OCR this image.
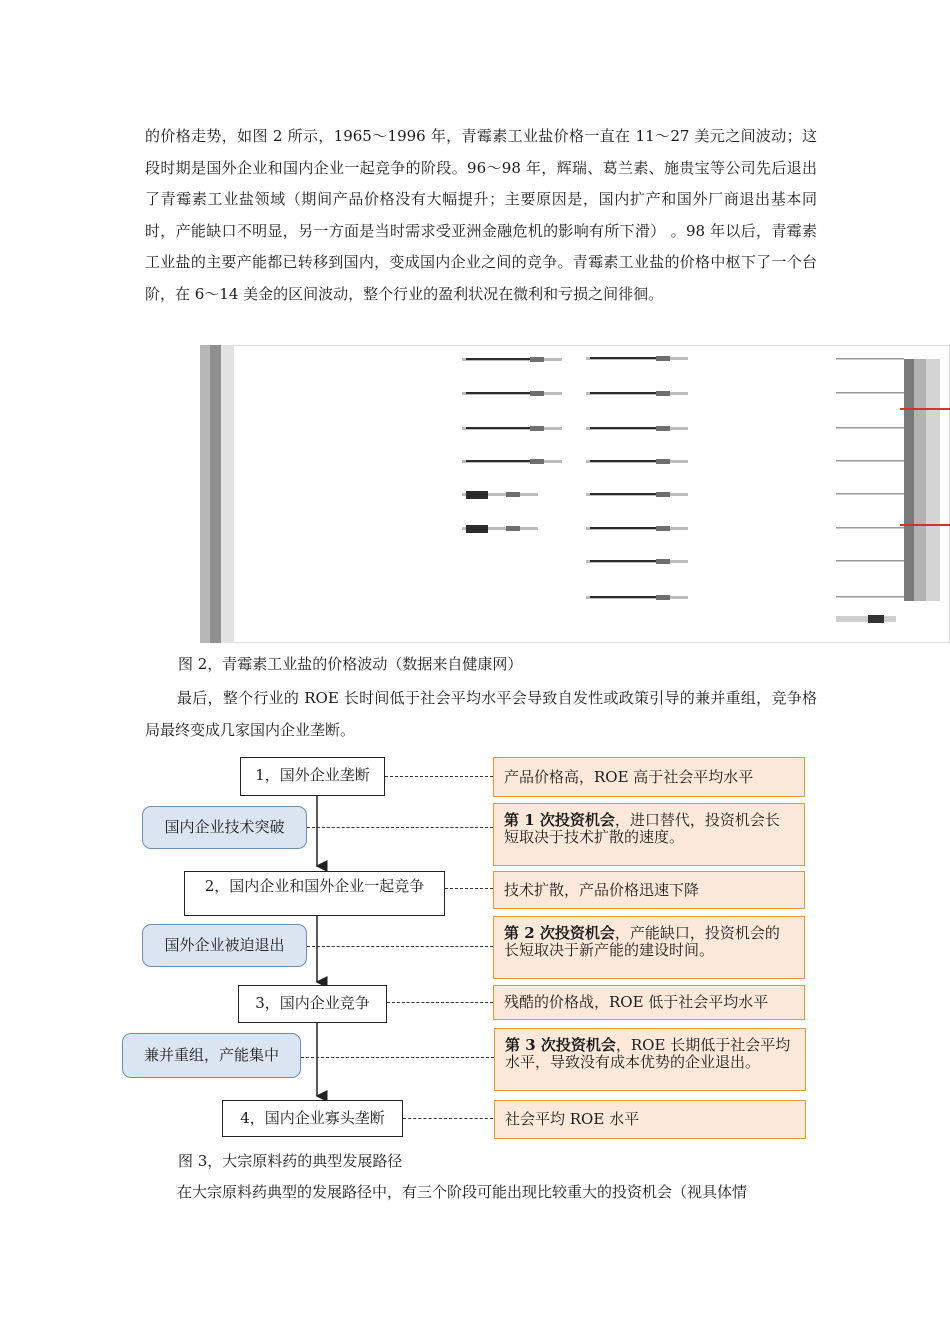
的价格走势，如图 2 所示，1965～1996 年，青霉素工业盐价格一直在 11～27 美元之间波动；这段时期是国外企业和国内企业一起竞争的阶段。96～98 年，辉瑞、葛兰素、施贵宝等公司先后退出了青霉素工业盐领域（期间产品价格没有大幅提升；主要原因是，国内扩产和国外厂商退出基本同时，产能缺口不明显，另一方面是当时需求受亚洲金融危机的影响有所下滑） 。98 年以后，青霉素工业盐的主要产能都已转移到国内，变成国内企业之间的竞争。青霉素工业盐的价格中枢下了一个台阶，在 6～14 美金的区间波动，整个行业的盈利状况在微利和亏损之间徘徊。

图 2，青霉素工业盐的价格波动（数据来自健康网）

最后，整个行业的 ROE 长时间低于社会平均水平会导致自发性或政策引导的兼并重组，竞争格局最终变成几家国内企业垄断。

1，国外企业垄断
2，国内企业和国外企业一起竞争
3，国内企业竞争
4，国内企业寡头垄断
国内企业技术突破
国外企业被迫退出
兼并重组，产能集中
产品价格高，ROE 高于社会平均水平
技术扩散，产品价格迅速下降
残酷的价格战，ROE 低于社会平均水平
社会平均 ROE 水平
第 1 次投资机会，进口替代，投资机会长短取决于技术扩散的速度。
第 2 次投资机会，产能缺口，投资机会的长短取决于新产能的建设时间。
第 3 次投资机会，ROE 长期低于社会平均水平，导致没有成本优势的企业退出。

图 3，大宗原料药的典型发展路径

在大宗原料药典型的发展路径中，有三个阶段可能出现比较重大的投资机会（视具体情
